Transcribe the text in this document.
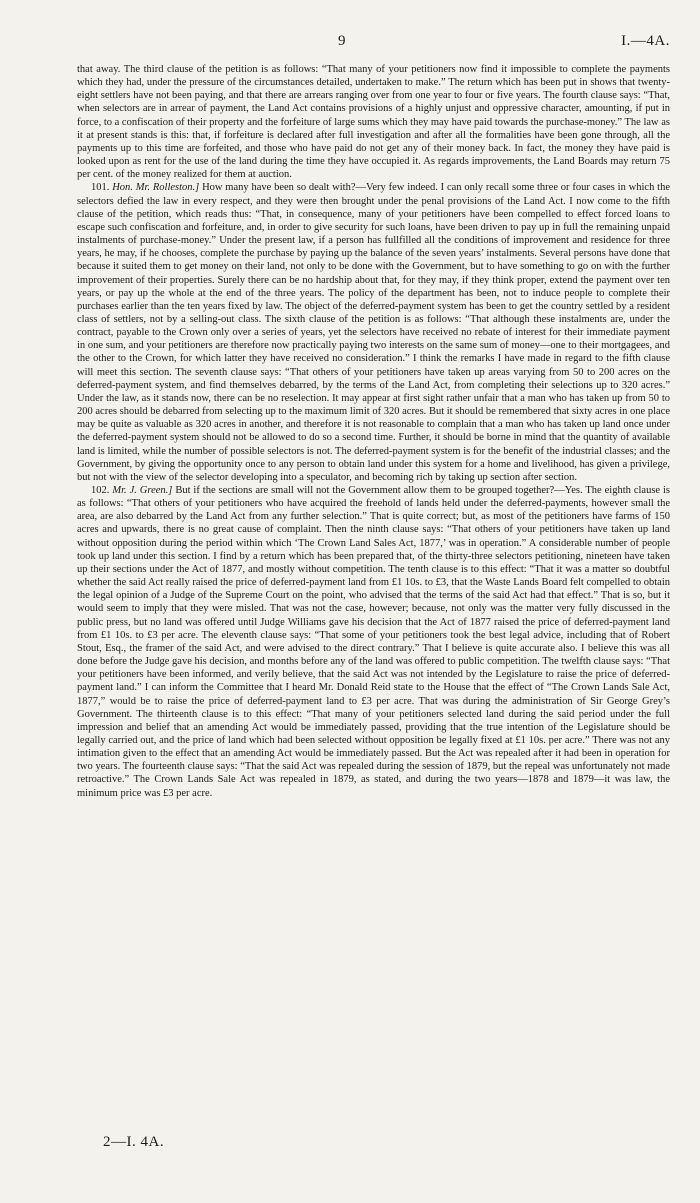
9	I.—4A.

that away. The third clause of the petition is as follows: “That many of your petitioners now find it impossible to complete the payments which they had, under the pressure of the circumstances detailed, undertaken to make.” The return which has been put in shows that twenty-eight settlers have not been paying, and that there are arrears ranging over from one year to four or five years. The fourth clause says: “That, when selectors are in arrear of payment, the Land Act contains provisions of a highly unjust and oppressive character, amounting, if put in force, to a confiscation of their property and the forfeiture of large sums which they may have paid towards the purchase-money.” The law as it at present stands is this: that, if forfeiture is declared after full investigation and after all the formalities have been gone through, all the payments up to this time are forfeited, and those who have paid do not get any of their money back. In fact, the money they have paid is looked upon as rent for the use of the land during the time they have occupied it. As regards improvements, the Land Boards may return 75 per cent. of the money realized for them at auction.

101. Hon. Mr. Rolleston.] How many have been so dealt with?—Very few indeed. I can only recall some three or four cases in which the selectors defied the law in every respect, and they were then brought under the penal provisions of the Land Act. I now come to the fifth clause of the petition, which reads thus: “That, in consequence, many of your petitioners have been compelled to effect forced loans to escape such confiscation and forfeiture, and, in order to give security for such loans, have been driven to pay up in full the remaining unpaid instalments of purchase-money.” Under the present law, if a person has fullfilled all the conditions of improvement and residence for three years, he may, if he chooses, complete the purchase by paying up the balance of the seven years’ instalments. Several persons have done that because it suited them to get money on their land, not only to be done with the Government, but to have something to go on with the further improvement of their properties. Surely there can be no hardship about that, for they may, if they think proper, extend the payment over ten years, or pay up the whole at the end of the three years. The policy of the department has been, not to induce people to complete their purchases earlier than the ten years fixed by law. The object of the deferred-payment system has been to get the country settled by a resident class of settlers, not by a selling-out class. The sixth clause of the petition is as follows: “That although these instalments are, under the contract, payable to the Crown only over a series of years, yet the selectors have received no rebate of interest for their immediate payment in one sum, and your petitioners are therefore now practically paying two interests on the same sum of money—one to their mortgagees, and the other to the Crown, for which latter they have received no consideration.” I think the remarks I have made in regard to the fifth clause will meet this section. The seventh clause says: “That others of your petitioners have taken up areas varying from 50 to 200 acres on the deferred-payment system, and find themselves debarred, by the terms of the Land Act, from completing their selections up to 320 acres.” Under the law, as it stands now, there can be no reselection. It may appear at first sight rather unfair that a man who has taken up from 50 to 200 acres should be debarred from selecting up to the maximum limit of 320 acres. But it should be remembered that sixty acres in one place may be quite as valuable as 320 acres in another, and therefore it is not reasonable to complain that a man who has taken up land once under the deferred-payment system should not be allowed to do so a second time. Further, it should be borne in mind that the quantity of available land is limited, while the number of possible selectors is not. The deferred-payment system is for the benefit of the industrial classes; and the Government, by giving the opportunity once to any person to obtain land under this system for a home and livelihood, has given a privilege, but not with the view of the selector developing into a speculator, and becoming rich by taking up section after section.

102. Mr. J. Green.] But if the sections are small will not the Government allow them to be grouped together?—Yes. The eighth clause is as follows: “That others of your petitioners who have acquired the freehold of lands held under the deferred-payments, however small the area, are also debarred by the Land Act from any further selection.” That is quite correct; but, as most of the petitioners have farms of 150 acres and upwards, there is no great cause of complaint. Then the ninth clause says: “That others of your petitioners have taken up land without opposition during the period within which ‘The Crown Land Sales Act, 1877,’ was in operation.” A considerable number of people took up land under this section. I find by a return which has been prepared that, of the thirty-three selectors petitioning, nineteen have taken up their sections under the Act of 1877, and mostly without competition. The tenth clause is to this effect: “That it was a matter so doubtful whether the said Act really raised the price of deferred-payment land from £1 10s. to £3, that the Waste Lands Board felt compelled to obtain the legal opinion of a Judge of the Supreme Court on the point, who advised that the terms of the said Act had that effect.” That is so, but it would seem to imply that they were misled. That was not the case, however; because, not only was the matter very fully discussed in the public press, but no land was offered until Judge Williams gave his decision that the Act of 1877 raised the price of deferred-payment land from £1 10s. to £3 per acre. The eleventh clause says: “That some of your petitioners took the best legal advice, including that of Robert Stout, Esq., the framer of the said Act, and were advised to the direct contrary.” That I believe is quite accurate also. I believe this was all done before the Judge gave his decision, and months before any of the land was offered to public competition. The twelfth clause says: “That your petitioners have been informed, and verily believe, that the said Act was not intended by the Legislature to raise the price of deferred-payment land.” I can inform the Committee that I heard Mr. Donald Reid state to the House that the effect of “The Crown Lands Sale Act, 1877,” would be to raise the price of deferred-payment land to £3 per acre. That was during the administration of Sir George Grey’s Government. The thirteenth clause is to this effect: “That many of your petitioners selected land during the said period under the full impression and belief that an amending Act would be immediately passed, providing that the true intention of the Legislature should be legally carried out, and the price of land which had been selected without opposition be legally fixed at £1 10s. per acre.” There was not any intimation given to the effect that an amending Act would be immediately passed. But the Act was repealed after it had been in operation for two years. The fourteenth clause says: “That the said Act was repealed during the session of 1879, but the repeal was unfortunately not made retroactive.” The Crown Lands Sale Act was repealed in 1879, as stated, and during the two years—1878 and 1879—it was law, the minimum price was £3 per acre.

2—I. 4A.
